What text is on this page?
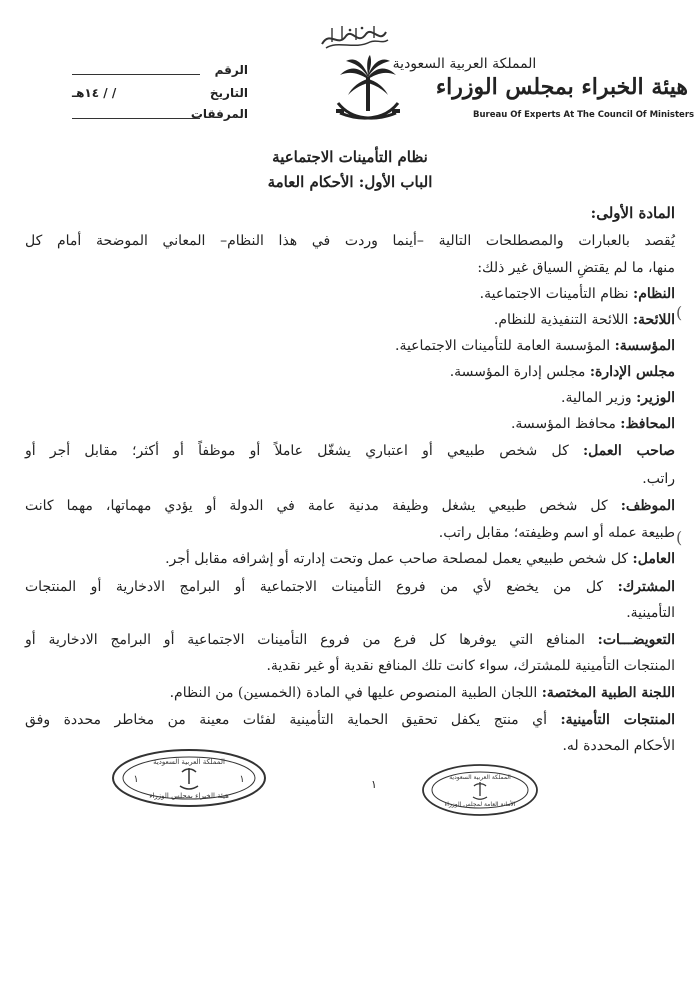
الرقم
التاريخ
/ / ١٤هـ
المرفقات
المملكة العربية السعودية
هيئة الخبراء بمجلس الوزراء
Bureau Of Experts At The Council Of Ministers
نظام التأمينات الاجتماعية
الباب الأول: الأحكام العامة
المادة الأولى:
يُقصد بالعبارات والمصطلحات التالية –أينما وردت في هذا النظام– المعاني الموضحة أمام كل
منها، ما لم يقتضِ السياق غير ذلك:
النظام: نظام التأمينات الاجتماعية.
اللائحة: اللائحة التنفيذية للنظام.
المؤسسة: المؤسسة العامة للتأمينات الاجتماعية.
مجلس الإدارة: مجلس إدارة المؤسسة.
الوزير: وزير المالية.
المحافظ: محافظ المؤسسة.
صاحب العمل: كل شخص طبيعي أو اعتباري يشغّل عاملاً أو موظفاً أو أكثر؛ مقابل أجر أو
راتب.
الموظف: كل شخص طبيعي يشغل وظيفة مدنية عامة في الدولة أو يؤدي مهماتها، مهما كانت
طبيعة عمله أو اسم وظيفته؛ مقابل راتب.
العامل: كل شخص طبيعي يعمل لمصلحة صاحب عمل وتحت إدارته أو إشرافه مقابل أجر.
المشترك: كل من يخضع لأي من فروع التأمينات الاجتماعية أو البرامج الادخارية أو المنتجات
التأمينية.
التعويضـــات: المنافع التي يوفرها كل فرع من فروع التأمينات الاجتماعية أو البرامج الادخارية أو
المنتجات التأمينية للمشترك، سواء كانت تلك المنافع نقدية أو غير نقدية.
اللجنة الطبية المختصة: اللجان الطبية المنصوص عليها في المادة (الخمسين) من النظام.
المنتجات التأمينية: أي منتج يكفل تحقيق الحماية التأمينية لفئات معينة من مخاطر محددة وفق
الأحكام المحددة له.
(
(
المملكة العربية السعودية
هيئة الخبراء بمجلس الوزراء
١	١	المملكة العربية السعودية
الأمانة العامة لمجلس الوزراء
١
